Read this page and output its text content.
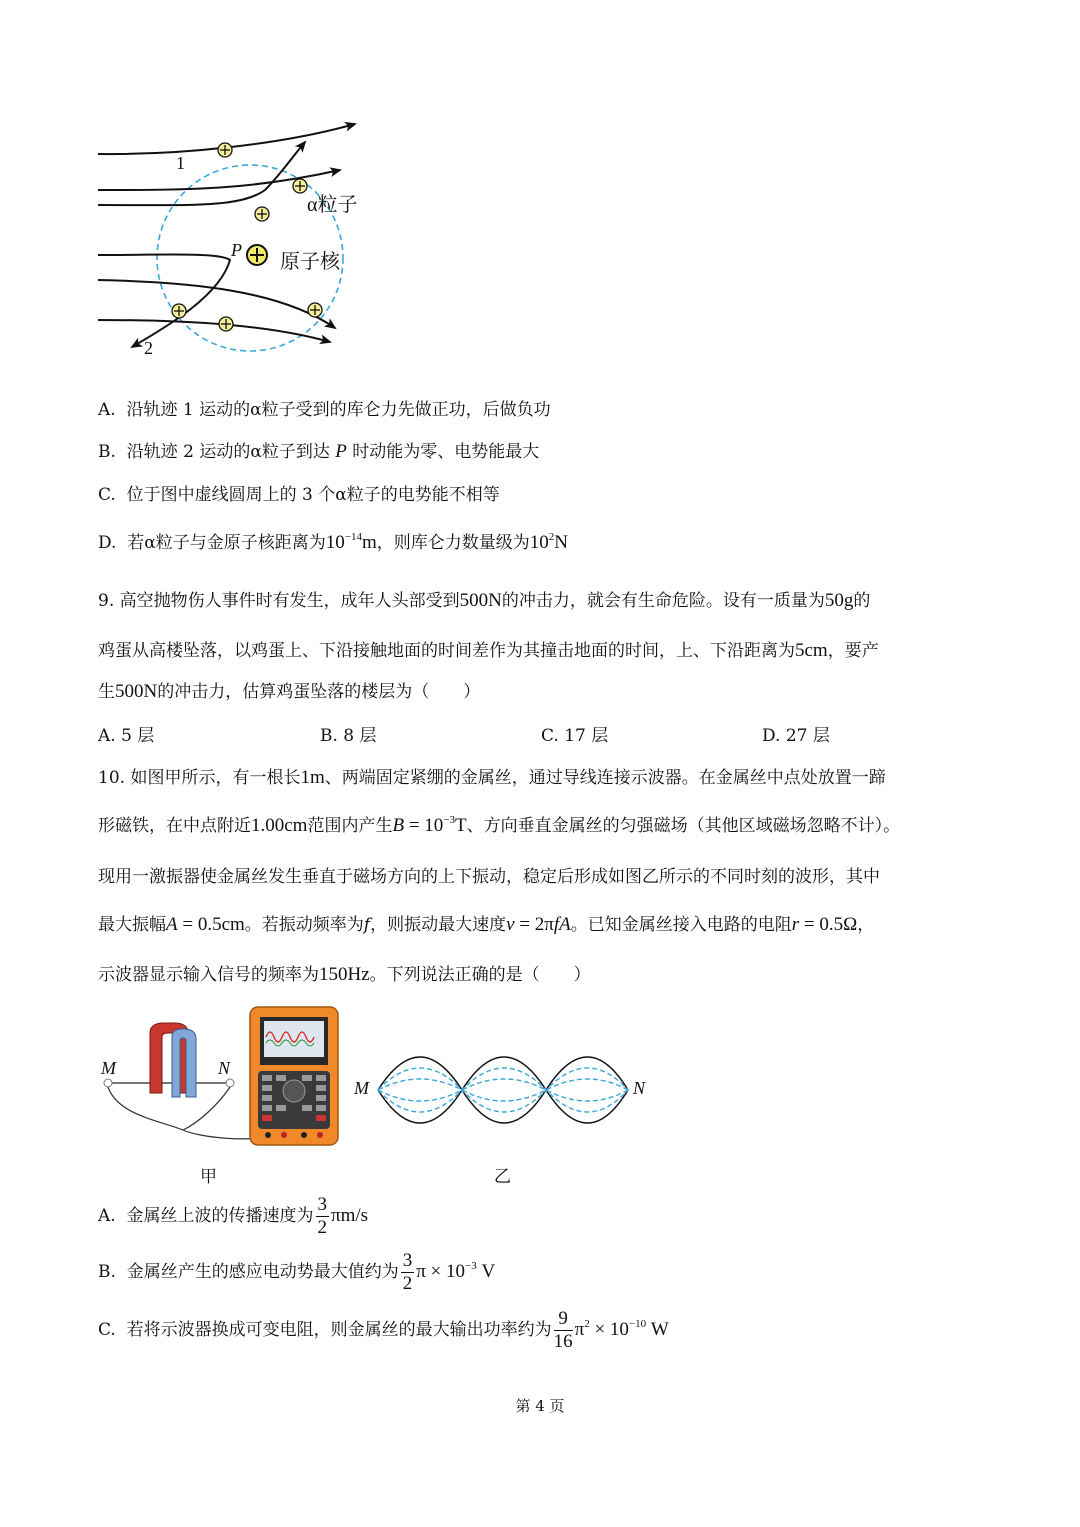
1
2
P
α粒子
原子核
A. 沿轨迹 1 运动的α粒子受到的库仑力先做正功，后做负功
B. 沿轨迹 2 运动的α粒子到达 P 时动能为零、电势能最大
C. 位于图中虚线圆周上的 3 个α粒子的电势能不相等
D. 若α粒子与金原子核距离为$10^{-14}m$，则库仑力数量级为$10^2N$
9. 高空抛物伤人事件时有发生，成年人头部受到500N的冲击力，就会有生命危险。设有一质量为50g的
鸡蛋从高楼坠落，以鸡蛋上、下沿接触地面的时间差作为其撞击地面的时间，上、下沿距离为5cm，要产
生500N的冲击力，估算鸡蛋坠落的楼层为（　　）
A. 5 层	B. 8 层	C. 17 层	D. 27 层
10. 如图甲所示，有一根长1m、两端固定紧绷的金属丝，通过导线连接示波器。在金属丝中点处放置一蹄
形磁铁，在中点附近1.00cm范围内产生$B = 10^{-3}T$、方向垂直金属丝的匀强磁场（其他区域磁场忽略不计）。
现用一激振器使金属丝发生垂直于磁场方向的上下振动，稳定后形成如图乙所示的不同时刻的波形，其中
最大振幅A = 0.5cm。若振动频率为f，则振动最大速度v = 2πfA。已知金属丝接入电路的电阻r = 0.5Ω，
示波器显示输入信号的频率为150Hz。下列说法正确的是（　　）
M	N
甲
M	N
乙
A. 金属丝上波的传播速度为 $\frac{3}{2} \pi m/s$
B. 金属丝产生的感应电动势最大值约为 $\frac{3}{2}$ $\pi \times 10^{-3}$ V
C. 若将示波器换成可变电阻，则金属丝的最大输出功率约为 $\frac{9}{16} \pi^2 \times 10^{-10}$ W
第 4 页
